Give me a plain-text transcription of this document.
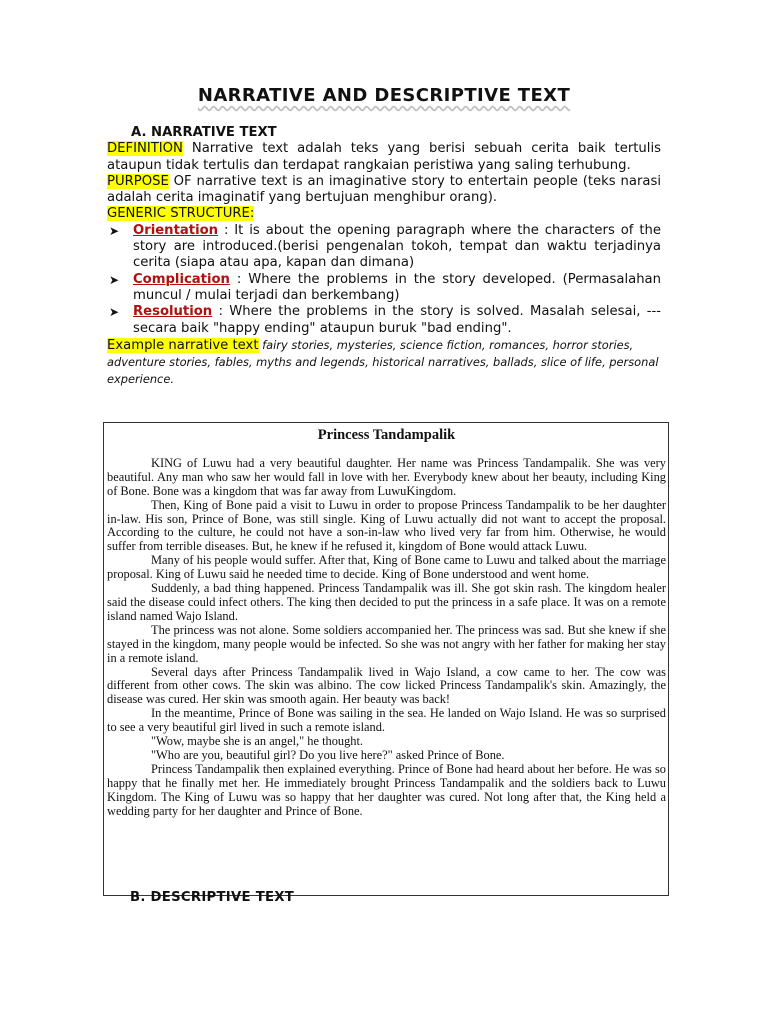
NARRATIVE AND DESCRIPTIVE TEXT
A. NARRATIVE TEXT

DEFINITION Narrative text adalah teks yang berisi sebuah cerita baik tertulis ataupun tidak tertulis dan terdapat rangkaian peristiwa yang saling terhubung.

PURPOSE OF narrative text is an imaginative story to entertain people (teks narasi adalah cerita imaginatif yang bertujuan menghibur orang).

GENERIC STRUCTURE:

➤ Orientation : It is about the opening paragraph where the characters of the story are introduced.(berisi pengenalan tokoh, tempat dan waktu terjadinya cerita (siapa atau apa, kapan dan dimana)
➤ Complication : Where the problems in the story developed. (Permasalahan muncul / mulai terjadi dan berkembang)
➤ Resolution : Where the problems in the story is solved. Masalah selesai, --- secara baik "happy ending" ataupun buruk "bad ending".

Example narrative text fairy stories, mysteries, science fiction, romances, horror stories, adventure stories, fables, myths and legends, historical narratives, ballads, slice of life, personal experience.

Princess Tandampalik

KING of Luwu had a very beautiful daughter. Her name was Princess Tandampalik. She was very beautiful. Any man who saw her would fall in love with her. Everybody knew about her beauty, including King of Bone. Bone was a kingdom that was far away from LuwuKingdom.

Then, King of Bone paid a visit to Luwu in order to propose Princess Tandampalik to be her daughter in-law. His son, Prince of Bone, was still single. King of Luwu actually did not want to accept the proposal. According to the culture, he could not have a son-in-law who lived very far from him. Otherwise, he would suffer from terrible diseases. But, he knew if he refused it, kingdom of Bone would attack Luwu.

Many of his people would suffer. After that, King of Bone came to Luwu and talked about the marriage proposal. King of Luwu said he needed time to decide. King of Bone understood and went home.

Suddenly, a bad thing happened. Princess Tandampalik was ill. She got skin rash. The kingdom healer said the disease could infect others. The king then decided to put the princess in a safe place. It was on a remote island named Wajo Island.

The princess was not alone. Some soldiers accompanied her. The princess was sad. But she knew if she stayed in the kingdom, many people would be infected. So she was not angry with her father for making her stay in a remote island.

Several days after Princess Tandampalik lived in Wajo Island, a cow came to her. The cow was different from other cows. The skin was albino. The cow licked Princess Tandampalik's skin. Amazingly, the disease was cured. Her skin was smooth again. Her beauty was back!

In the meantime, Prince of Bone was sailing in the sea. He landed on Wajo Island. He was so surprised to see a very beautiful girl lived in such a remote island.

"Wow, maybe she is an angel," he thought.

"Who are you, beautiful girl? Do you live here?" asked Prince of Bone.

Princess Tandampalik then explained everything. Prince of Bone had heard about her before. He was so happy that he finally met her. He immediately brought Princess Tandampalik and the soldiers back to Luwu Kingdom. The King of Luwu was so happy that her daughter was cured. Not long after that, the King held a wedding party for her daughter and Prince of Bone.

B. DESCRIPTIVE TEXT
